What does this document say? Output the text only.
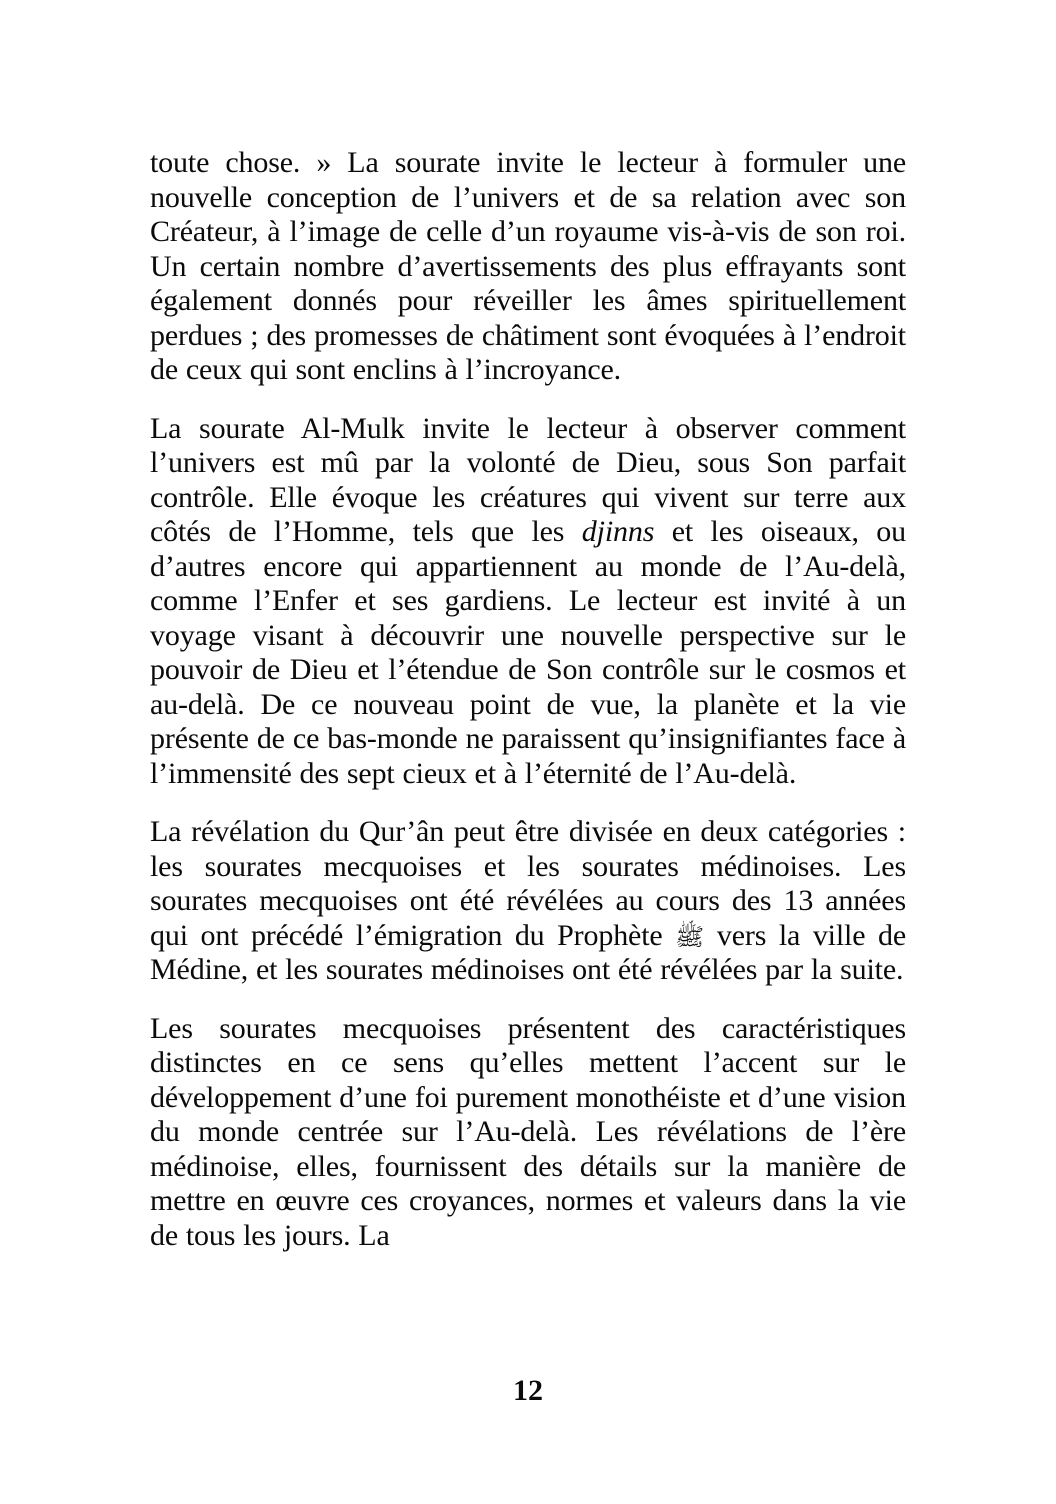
toute chose. » La sourate invite le lecteur à formuler une nouvelle conception de l’univers et de sa relation avec son Créateur, à l’image de celle d’un royaume vis-à-vis de son roi. Un certain nombre d’avertissements des plus effrayants sont également donnés pour réveiller les âmes spirituellement perdues ; des promesses de châtiment sont évoquées à l’endroit de ceux qui sont enclins à l’incroyance.

La sourate Al-Mulk invite le lecteur à observer comment l’univers est mû par la volonté de Dieu, sous Son parfait contrôle. Elle évoque les créatures qui vivent sur terre aux côtés de l’Homme, tels que les djinns et les oiseaux, ou d’autres encore qui appartiennent au monde de l’Au-delà, comme l’Enfer et ses gardiens. Le lecteur est invité à un voyage visant à découvrir une nouvelle perspective sur le pouvoir de Dieu et l’étendue de Son contrôle sur le cosmos et au-delà. De ce nouveau point de vue, la planète et la vie présente de ce bas-monde ne paraissent qu’insignifiantes face à l’immensité des sept cieux et à l’éternité de l’Au-delà.

La révélation du Qur’ân peut être divisée en deux catégories : les sourates mecquoises et les sourates médinoises. Les sourates mecquoises ont été révélées au cours des 13 années qui ont précédé l’émigration du Prophète ﷺ vers la ville de Médine, et les sourates médinoises ont été révélées par la suite.

Les sourates mecquoises présentent des caractéristiques distinctes en ce sens qu’elles mettent l’accent sur le développement d’une foi purement monothéiste et d’une vision du monde centrée sur l’Au-delà. Les révélations de l’ère médinoise, elles, fournissent des détails sur la manière de mettre en œuvre ces croyances, normes et valeurs dans la vie de tous les jours. La

12
